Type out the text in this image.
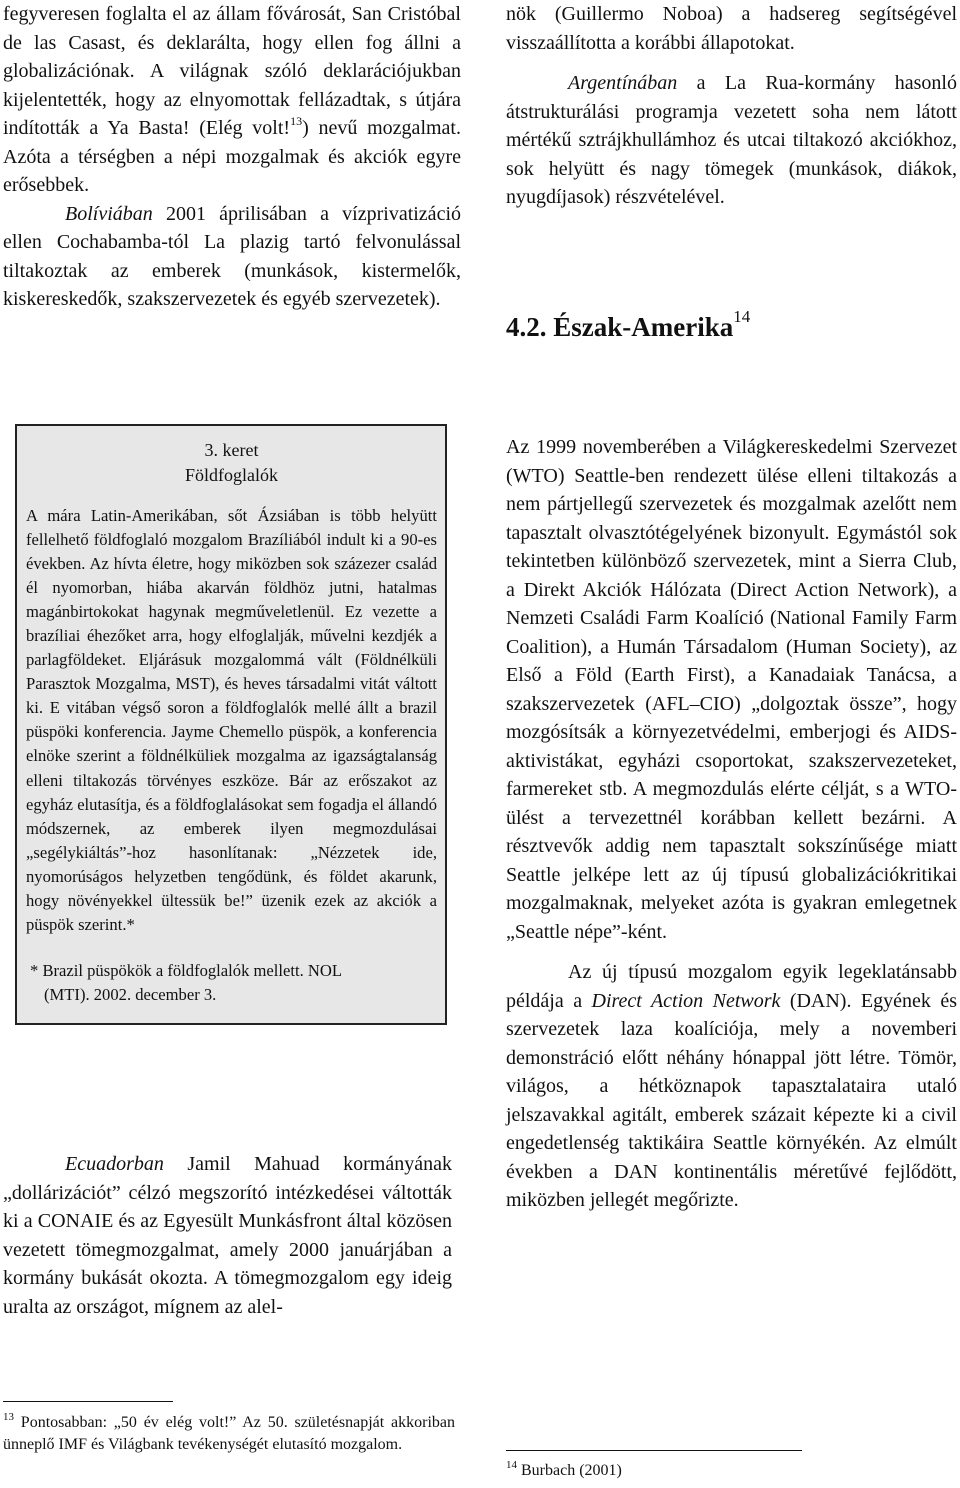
fegyveresen foglalta el az állam fővárosát, San Cristóbal de las Casast, és deklarálta, hogy ellen fog állni a globalizációnak. A világnak szóló deklarációjukban kijelentették, hogy az elnyomottak fellázadtak, s útjára indították a Ya Basta! (Elég volt!$^{13}$) nevű mozgalmat. Azóta a térségben a népi mozgalmak és akciók egyre erősebbek.

Bolíviában 2001 áprilisában a vízprivatizáció ellen Cochabamba-tól La plazig tartó felvonulással tiltakoztak az emberek (munkások, kistermelők, kiskereskedők, szakszervezetek és egyéb szervezetek).

nök (Guillermo Noboa) a hadsereg segítségével visszaállította a korábbi állapotokat.

Argentínában a La Rua-kormány hasonló átstrukturálási programja vezetett soha nem látott mértékű sztrájkhullámhoz és utcai tiltakozó akciókhoz, sok helyütt és nagy tömegek (munkások, diákok, nyugdíjasok) részvételével.

4.2. Észak-Amerika$^{14}$
3. keret
Földfoglalók

A mára Latin-Amerikában, sőt Ázsiában is több helyütt fellelhető földfoglaló mozgalom Brazíliából indult ki a 90-es években. Az hívta életre, hogy miközben sok százezer család él nyomorban, hiába akarván földhöz jutni, hatalmas magánbirtokokat hagynak megműveletlenül. Ez vezette a brazíliai éhezőket arra, hogy elfoglalják, művelni kezdjék a parlagföldeket. Eljárásuk mozgalommá vált (Földnélküli Parasztok Mozgalma, MST), és heves társadalmi vitát váltott ki. E vitában végső soron a földfoglalók mellé állt a brazil püspöki konferencia. Jayme Chemello püspök, a konferencia elnöke szerint a földnélküliek mozgalma az igazságtalanság elleni tiltakozás törvényes eszköze. Bár az erőszakot az egyház elutasítja, és a földfoglalásokat sem fogadja el állandó módszernek, az emberek ilyen megmozdulásai „segélykiáltás”-hoz hasonlítanak: „Nézzetek ide, nyomorúságos helyzetben tengődünk, és földet akarunk, hogy növényekkel ültessük be!” üzenik ezek az akciók a püspök szerint.*

* Brazil püspökök a földfoglalók mellett. NOL
(MTI). 2002. december 3.

Ecuadorban Jamil Mahuad kormányának „dollárizációt” célzó megszorító intézkedései váltották ki a CONAIE és az Egyesült Munkásfront által közösen vezetett tömegmozgalmat, amely 2000 januárjában a kormány bukását okozta. A tömegmozgalom egy ideig uralta az országot, mígnem az alel-

$^{13}$ Pontosabban: „50 év elég volt!” Az 50. születésnapját akkoriban ünneplő IMF és Világbank tevékenységét elutasító mozgalom.

Az 1999 novemberében a Világkereskedelmi Szervezet (WTO) Seattle-ben rendezett ülése elleni tiltakozás a nem pártjellegű szervezetek és mozgalmak azelőtt nem tapasztalt olvasztótégelyének bizonyult. Egymástól sok tekintetben különböző szervezetek, mint a Sierra Club, a Direkt Akciók Hálózata (Direct Action Network), a Nemzeti Családi Farm Koalíció (National Family Farm Coalition), a Humán Társadalom (Human Society), az Első a Föld (Earth First), a Kanadaiak Tanácsa, a szakszervezetek (AFL–CIO) „dolgoztak össze”, hogy mozgósítsák a környezetvédelmi, emberjogi és AIDS-aktivistákat, egyházi csoportokat, szakszervezeteket, farmereket stb. A megmozdulás elérte célját, s a WTO-ülést a tervezettnél korábban kellett bezárni. A résztvevők addig nem tapasztalt sokszínűsége miatt Seattle jelképe lett az új típusú globalizációkritikai mozgalmaknak, melyeket azóta is gyakran emlegetnek „Seattle népe”-ként.

Az új típusú mozgalom egyik legeklatánsabb példája a Direct Action Network (DAN). Egyének és szervezetek laza koalíciója, mely a novemberi demonstráció előtt néhány hónappal jött létre. Tömör, világos, a hétköznapok tapasztalataira utaló jelszavakkal agitált, emberek százait képezte ki a civil engedetlenség taktikáira Seattle környékén. Az elmúlt években a DAN kontinentális méretűvé fejlődött, miközben jellegét megőrizte.

$^{14}$ Burbach (2001)
